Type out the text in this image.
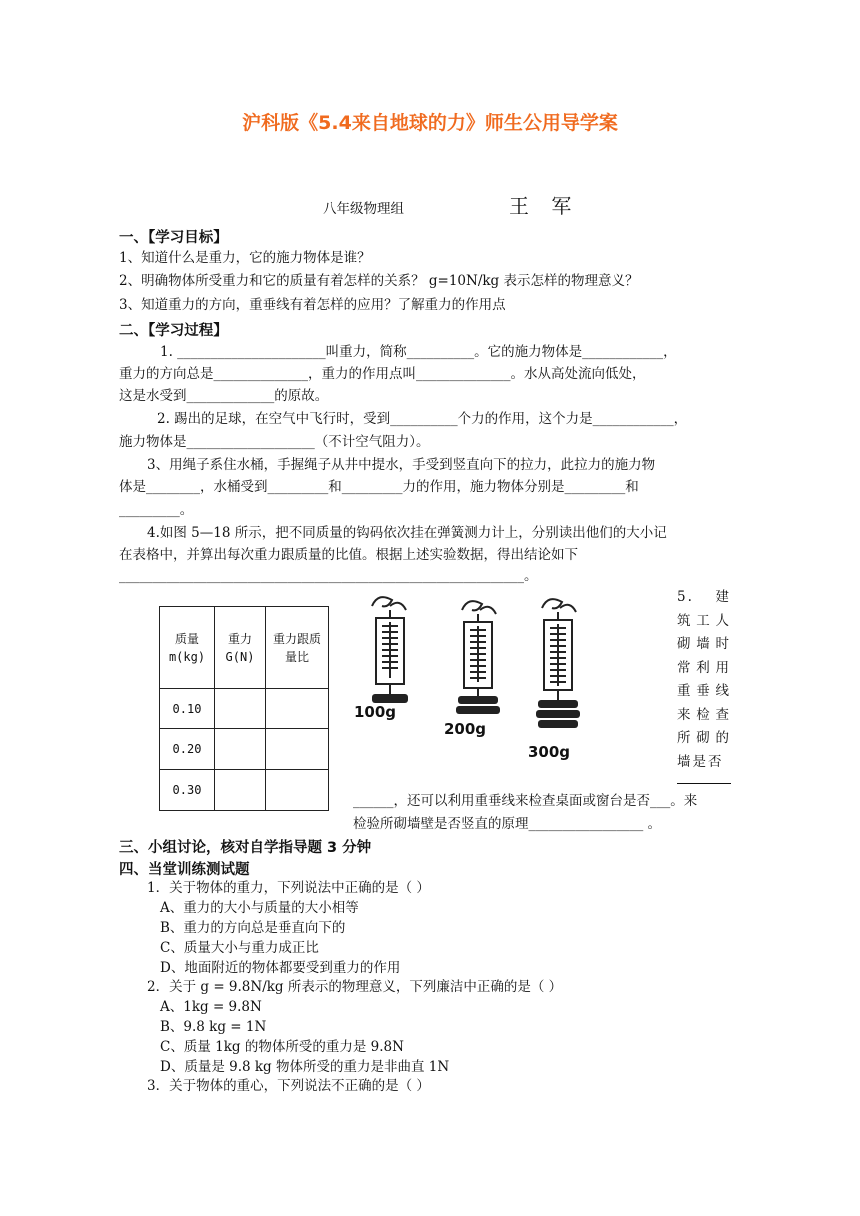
沪科版《5.4来自地球的力》师生公用导学案
八年级物理组	王 军
一、【学习目标】
1、知道什么是重力，它的施力物体是谁？
2、明确物体所受重力和它的质量有着怎样的关系？ g=10N/kg 表示怎样的物理意义？
3、知道重力的方向，重垂线有着怎样的应用？了解重力的作用点
二、【学习过程】
1. ______________________叫重力，简称__________。它的施力物体是____________，
重力的方向总是______________，重力的作用点叫______________。水从高处流向低处，
这是水受到_____________的原故。
2. 踢出的足球，在空气中飞行时，受到__________个力的作用，这个力是____________，
施力物体是___________________（不计空气阻力）。
3、用绳子系住水桶，手握绳子从井中提水，手受到竖直向下的拉力，此拉力的施力物
体是________，水桶受到_________和_________力的作用，施力物体分别是_________和
_________。
4.如图 5—18 所示，把不同质量的钩码依次挂在弹簧测力计上，分别读出他们的大小记
在表格中，并算出每次重力跟质量的比值。根据上述实验数据，得出结论如下
____________________________________________________________。
质量 m(kg)	重力 G(N)	重力跟质量比
0.10		
0.20		
0.30		
100g
200g
300g
5. 建筑工人砌墙时常利用重垂线来检查所砌的墙是否
______，还可以利用重垂线来检查桌面或窗台是否___。来
检验所砌墙壁是否竖直的原理_________________ 。
三、小组讨论，核对自学指导题 3 分钟
四、当堂训练测试题
1．关于物体的重力，下列说法中正确的是（ ）
A、重力的大小与质量的大小相等
B、重力的方向总是垂直向下的
C、质量大小与重力成正比
D、地面附近的物体都要受到重力的作用
2．关于 g = 9.8N/kg 所表示的物理意义，下列廉洁中正确的是（ ）
A、1kg = 9.8N
B、9.8 kg = 1N
C、质量 1kg 的物体所受的重力是 9.8N
D、质量是 9.8 kg 物体所受的重力是非曲直 1N
3．关于物体的重心，下列说法不正确的是（ ）
